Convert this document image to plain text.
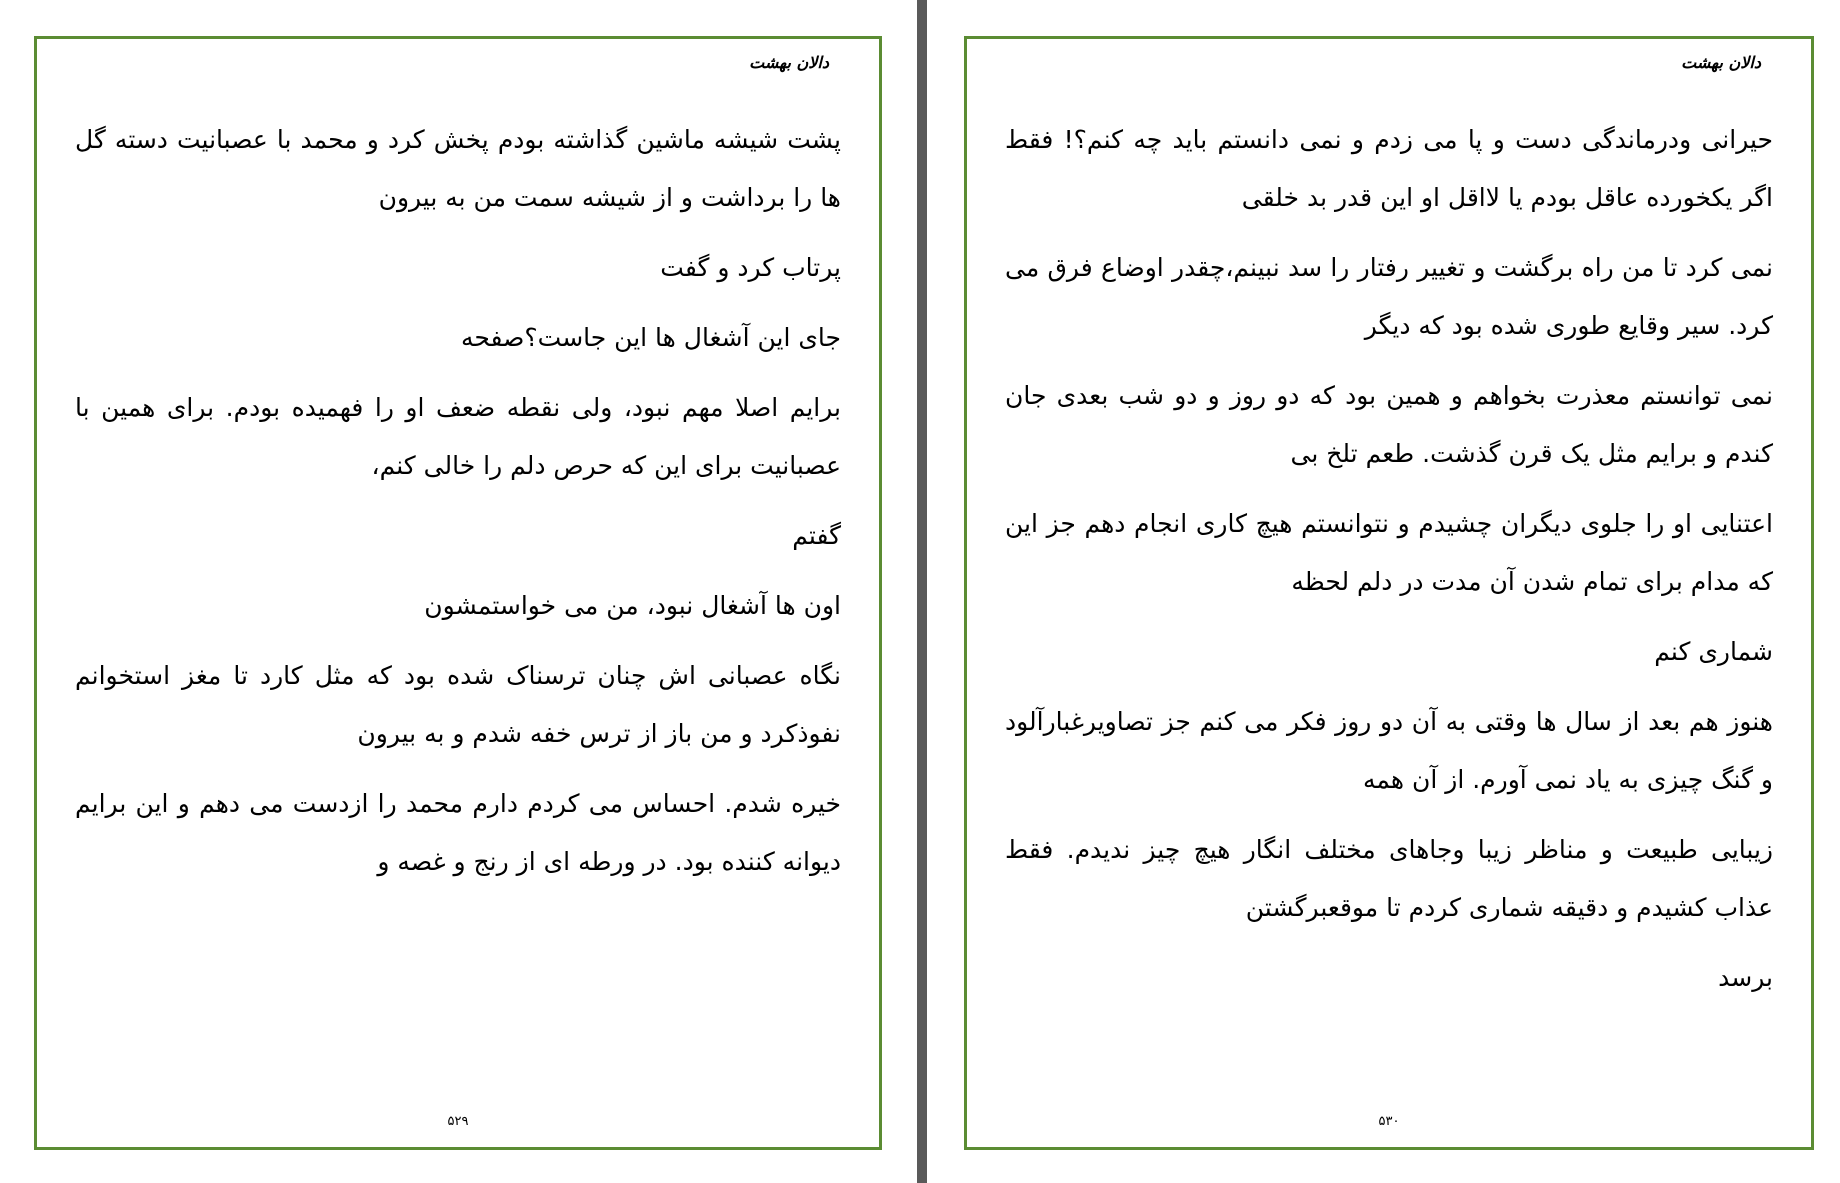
دالان بهشت

پشت شیشه ماشین گذاشته بودم پخش کرد و محمد با عصبانیت دسته گل ها را برداشت و از شیشه سمت من به بیرون

پرتاب کرد و گفت

جای این آشغال ها این جاست؟صفحه

برایم اصلا مهم نبود، ولی نقطه ضعف او را فهمیده بودم. برای همین با عصبانیت برای این که حرص دلم را خالی کنم،

گفتم

اون ها آشغال نبود، من می خواستمشون

نگاه عصبانی اش چنان ترسناک شده بود که مثل کارد تا مغز استخوانم نفوذکرد و من باز از ترس خفه شدم و به بیرون

خیره شدم. احساس می کردم دارم محمد را ازدست می دهم و این برایم دیوانه کننده بود. در ورطه ای از رنج و غصه و

۵۲۹
دالان بهشت

حیرانی ودرماندگی دست و پا می زدم و نمی دانستم باید چه کنم؟! فقط اگر یکخورده عاقل بودم یا لااقل او این قدر بد خلقی

نمی کرد تا من راه برگشت و تغییر رفتار را سد نبینم،چقدر اوضاع فرق می کرد. سیر وقایع طوری شده بود که دیگر

نمی توانستم معذرت بخواهم و همین بود که دو روز و دو شب بعدی جان کندم و برایم مثل یک قرن گذشت. طعم تلخ بی

اعتنایی او را جلوی دیگران چشیدم و نتوانستم هیچ کاری انجام دهم جز این که مدام برای تمام شدن آن مدت در دلم لحظه

شماری کنم

هنوز هم بعد از سال ها وقتی به آن دو روز فکر می کنم جز تصاویرغبارآلود و گنگ چیزی به یاد نمی آورم. از آن همه

زیبایی طبیعت و مناظر زیبا وجاهای مختلف انگار هیچ چیز ندیدم. فقط عذاب کشیدم و دقیقه شماری کردم تا موقعبرگشتن

برسد

۵۳۰
